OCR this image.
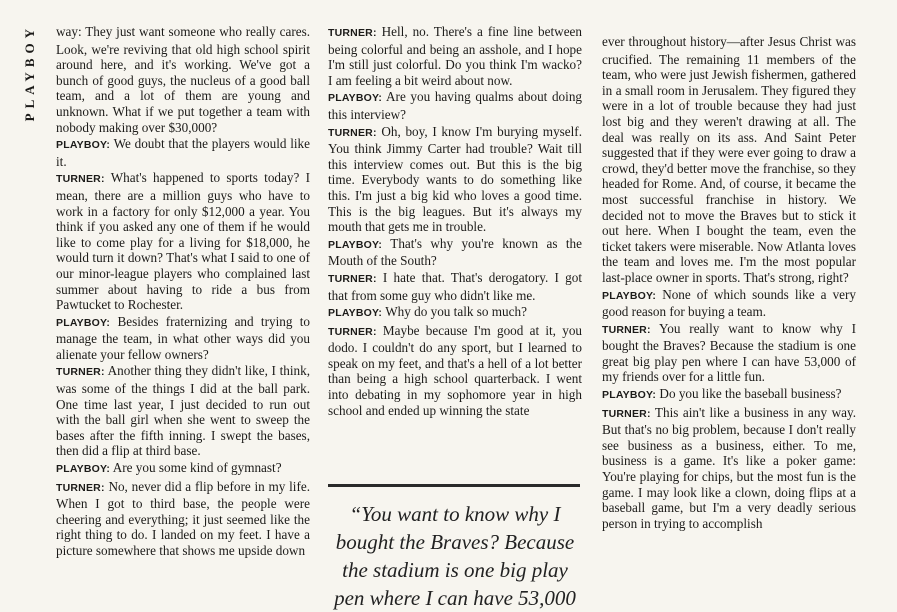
PLAYBOY	way: They just want someone who really cares. Look, we're reviving that old high school spirit around here, and it's working. We've got a bunch of good guys, the nucleus of a good ball team, and a lot of them are young and unknown. What if we put together a team with nobody making over $30,000?

PLAYBOY: We doubt that the players would like it.

TURNER: What's happened to sports today? I mean, there are a million guys who have to work in a factory for only $12,000 a year. You think if you asked any one of them if he would like to come play for a living for $18,000, he would turn it down? That's what I said to one of our minor-league players who complained last summer about having to ride a bus from Pawtucket to Rochester.

PLAYBOY: Besides fraternizing and trying to manage the team, in what other ways did you alienate your fellow owners?

TURNER: Another thing they didn't like, I think, was some of the things I did at the ball park. One time last year, I just decided to run out with the ball girl when she went to sweep the bases after the fifth inning. I swept the bases, then did a flip at third base.

PLAYBOY: Are you some kind of gymnast?

TURNER: No, never did a flip before in my life. When I got to third base, the people were cheering and everything; it just seemed like the right thing to do. I landed on my feet. I have a picture somewhere that shows me upside down

TURNER: Hell, no. There's a fine line between being colorful and being an asshole, and I hope I'm still just colorful. Do you think I'm wacko? I am feeling a bit weird about now.

PLAYBOY: Are you having qualms about doing this interview?

TURNER: Oh, boy, I know I'm burying myself. You think Jimmy Carter had trouble? Wait till this interview comes out. But this is the big time. Everybody wants to do something like this. I'm just a big kid who loves a good time. This is the big leagues. But it's always my mouth that gets me in trouble.

PLAYBOY: That's why you're known as the Mouth of the South?

TURNER: I hate that. That's derogatory. I got that from some guy who didn't like me.

PLAYBOY: Why do you talk so much?

TURNER: Maybe because I'm good at it, you dodo. I couldn't do any sport, but I learned to speak on my feet, and that's a hell of a lot better than being a high school quarterback. I went into debating in my sophomore year in high school and ended up winning the state

“You want to know why I bought the Braves? Because the stadium is one big play pen where I can have 53,000

ever throughout history—after Jesus Christ was crucified. The remaining 11 members of the team, who were just Jewish fishermen, gathered in a small room in Jerusalem. They figured they were in a lot of trouble because they had just lost big and they weren't drawing at all. The deal was really on its ass. And Saint Peter suggested that if they were ever going to draw a crowd, they'd better move the franchise, so they headed for Rome. And, of course, it became the most successful franchise in history. We decided not to move the Braves but to stick it out here. When I bought the team, even the ticket takers were miserable. Now Atlanta loves the team and loves me. I'm the most popular last-place owner in sports. That's strong, right?

PLAYBOY: None of which sounds like a very good reason for buying a team.

TURNER: You really want to know why I bought the Braves? Because the stadium is one great big play pen where I can have 53,000 of my friends over for a little fun.

PLAYBOY: Do you like the baseball business?

TURNER: This ain't like a business in any way. But that's no big problem, because I don't really see business as a business, either. To me, business is a game. It's like a poker game: You're playing for chips, but the most fun is the game. I may look like a clown, doing flips at a baseball game, but I'm a very deadly serious person in trying to accomplish
